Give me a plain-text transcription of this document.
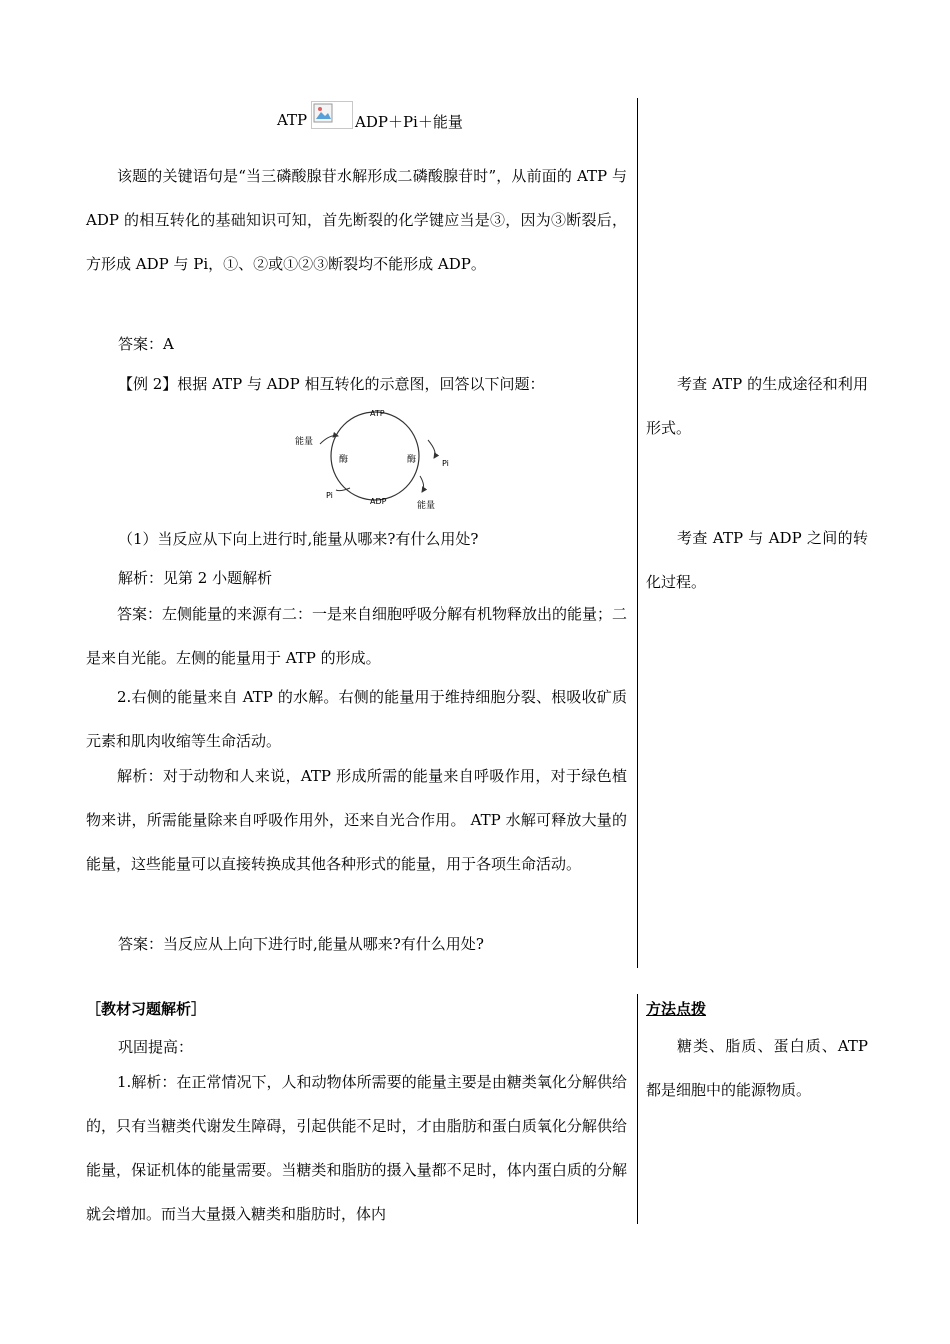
ATP	ADP＋Pi＋能量
该题的关键语句是“当三磷酸腺苷水解形成二磷酸腺苷时”，从前面的 ATP 与 ADP 的相互转化的基础知识可知，首先断裂的化学键应当是③，因为③断裂后，方形成 ADP 与 Pi，①、②或①②③断裂均不能形成 ADP。
答案：A
【例 2】根据 ATP 与 ADP 相互转化的示意图，回答以下问题：
ATP
ADP
能量
能量
Pi
Pi
酶	酶
（1）当反应从下向上进行时,能量从哪来?有什么用处?
解析：见第 2 小题解析
答案：左侧能量的来源有二：一是来自细胞呼吸分解有机物释放出的能量；二是来自光能。左侧的能量用于 ATP 的形成。
2.右侧的能量来自 ATP 的水解。右侧的能量用于维持细胞分裂、根吸收矿质元素和肌肉收缩等生命活动。
解析：对于动物和人来说，ATP 形成所需的能量来自呼吸作用，对于绿色植物来讲，所需能量除来自呼吸作用外，还来自光合作用。 ATP 水解可释放大量的能量，这些能量可以直接转换成其他各种形式的能量，用于各项生命活动。
答案：当反应从上向下进行时,能量从哪来?有什么用处?
考查 ATP 的生成途径和利用形式。
考查 ATP 与 ADP 之间的转化过程。
［教材习题解析］
巩固提高：
1.解析：在正常情况下，人和动物体所需要的能量主要是由糖类氧化分解供给的，只有当糖类代谢发生障碍，引起供能不足时，才由脂肪和蛋白质氧化分解供给能量，保证机体的能量需要。当糖类和脂肪的摄入量都不足时，体内蛋白质的分解就会增加。而当大量摄入糖类和脂肪时，体内
方法点拨
糖类、脂质、蛋白质、ATP 都是细胞中的能源物质。
